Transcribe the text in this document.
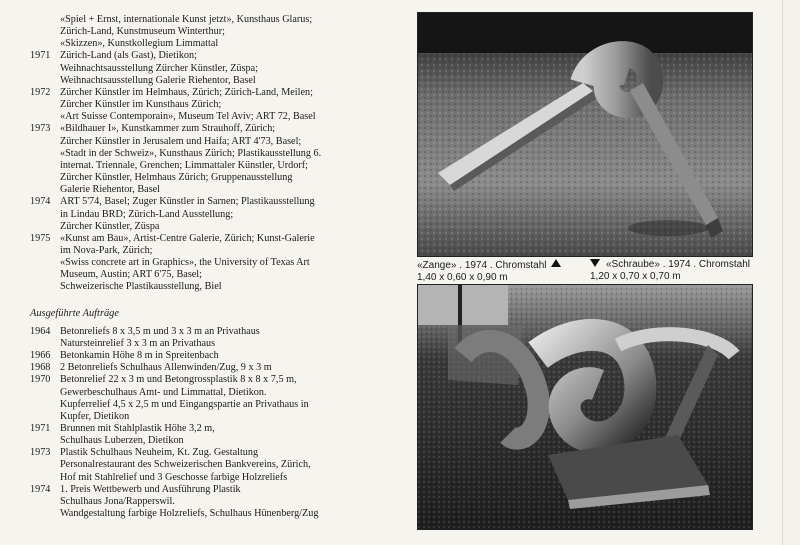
«Spiel + Ernst, internationale Kunst jetzt», Kunsthaus Glarus;
Zürich-Land, Kunstmuseum Winterthur;
«Skizzen», Kunstkollegium Limmattal
1971 Zürich-Land (als Gast), Dietikon;
Weihnachtsausstellung Zürcher Künstler, Züspa;
Weihnachtsausstellung Galerie Riehentor, Basel
1972 Zürcher Künstler im Helmhaus, Zürich; Zürich-Land, Meilen;
Zürcher Künstler im Kunsthaus Zürich;
«Art Suisse Contemporain», Museum Tel Aviv; ART 72, Basel
1973 «Bildhauer I», Kunstkammer zum Strauhoff, Zürich;
Zürcher Künstler in Jerusalem und Haifa; ART 4'73, Basel;
«Stadt in der Schweiz», Kunsthaus Zürich; Plastikausstellung 6.
internat. Triennale, Grenchen; Limmattaler Künstler, Urdorf;
Zürcher Künstler, Helmhaus Zürich; Gruppenausstellung
Galerie Riehentor, Basel
1974 ART 5'74, Basel; Zuger Künstler in Sarnen; Plastikausstellung
in Lindau BRD; Zürich-Land Ausstellung;
Zürcher Künstler, Züspa
1975 «Kunst am Bau», Artist-Centre Galerie, Zürich; Kunst-Galerie
im Nova-Park, Zürich;
«Swiss concrete art in Graphics», the University of Texas Art
Museum, Austin; ART 6'75, Basel;
Schweizerische Plastikausstellung, Biel
Ausgeführte Aufträge
1964 Betonreliefs 8 x 3,5 m und 3 x 3 m an Privathaus
Natursteinrelief 3 x 3 m an Privathaus
1966 Betonkamin Höhe 8 m in Spreitenbach
1968 2 Betonreliefs Schulhaus Allenwinden/Zug, 9 x 3 m
1970 Betonrelief 22 x 3 m und Betongrossplastik 8 x 8 x 7,5 m,
Gewerbeschulhaus Amt- und Limmattal, Dietikon.
Kupferrelief 4,5 x 2,5 m und Eingangspartie an Privathaus in
Kupfer, Dietikon
1971 Brunnen mit Stahlplastik Höhe 3,2 m,
Schulhaus Luberzen, Dietikon
1973 Plastik Schulhaus Neuheim, Kt. Zug. Gestaltung
Personalrestaurant des Schweizerischen Bankvereins, Zürich,
Hof mit Stahlrelief und 3 Geschosse farbige Holzreliefs
1974 1. Preis Wettbewerb und Ausführung Plastik
Schulhaus Jona/Rapperswil.
Wandgestaltung farbige Holzreliefs, Schulhaus Hünenberg/Zug
«Zange» . 1974 . Chromstahl
1,40 x 0,60 x 0,90 m
«Schraube» . 1974 . Chromstahl
1,20 x 0,70 x 0,70 m
